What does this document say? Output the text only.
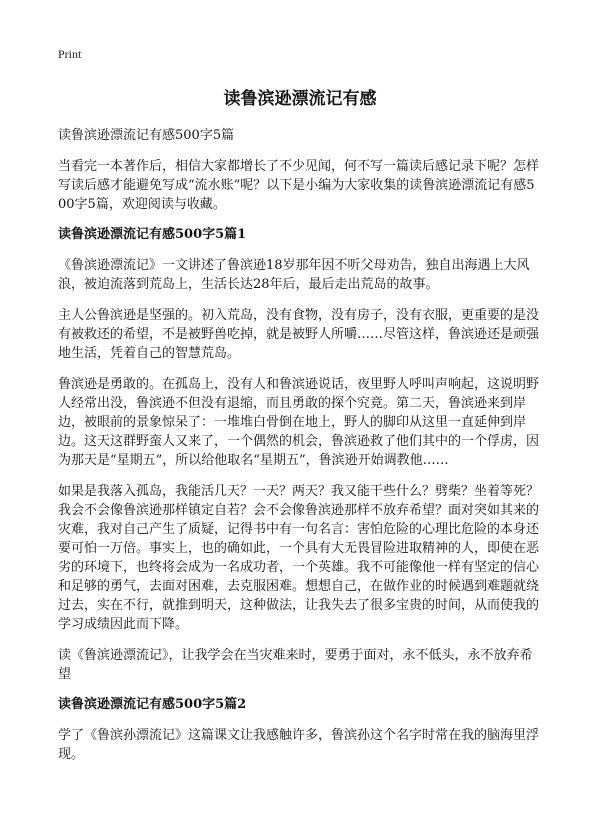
Print
读鲁滨逊漂流记有感
读鲁滨逊漂流记有感500字5篇

当看完一本著作后，相信大家都增长了不少见闻，何不写一篇读后感记录下呢？怎样写读后感才能避免写成“流水账”呢？以下是小编为大家收集的读鲁滨逊漂流记有感500字5篇，欢迎阅读与收藏。

读鲁滨逊漂流记有感500字5篇1

《鲁滨逊漂流记》一文讲述了鲁滨逊18岁那年因不听父母劝告，独自出海遇上大风浪，被迫流落到荒岛上，生活长达28年后，最后走出荒岛的故事。

主人公鲁滨逊是坚强的。初入荒岛，没有食物，没有房子，没有衣服，更重要的是没有被救还的希望，不是被野兽吃掉，就是被野人所嚼……尽管这样，鲁滨逊还是顽强地生活，凭着自己的智慧荒岛。

鲁滨逊是勇敢的。在孤岛上，没有人和鲁滨逊说话，夜里野人呼叫声响起，这说明野人经常出没，鲁滨逊不但没有退缩，而且勇敢的探个究竟。第二天，鲁滨逊来到岸边，被眼前的景象惊呆了：一堆堆白骨倒在地上，野人的脚印从这里一直延伸到岸边。这天这群野蛮人又来了，一个偶然的机会，鲁滨逊救了他们其中的一个俘虏，因为那天是“星期五”，所以给他取名“星期五”，鲁滨逊开始调教他……

如果是我落入孤岛，我能活几天？一天？两天？我又能干些什么？劈柴？坐着等死？我会不会像鲁滨逊那样镇定自若？会不会像鲁滨逊那样不放弃希望？面对突如其来的灾难，我对自己产生了质疑，记得书中有一句名言：害怕危险的心理比危险的本身还要可怕一万倍。事实上，也的确如此，一个具有大无畏冒险进取精神的人，即使在恶劣的环境下，也终将会成为一名成功者，一个英雄。我不可能像他一样有坚定的信心和足够的勇气，去面对困难，去克服困难。想想自己，在做作业的时候遇到难题就绕过去，实在不行，就推到明天，这种做法，让我失去了很多宝贵的时间，从而使我的学习成绩因此而下降。

读《鲁滨逊漂流记》，让我学会在当灾难来时，要勇于面对，永不低头，永不放弃希望

读鲁滨逊漂流记有感500字5篇2

学了《鲁滨孙漂流记》这篇课文让我感触许多，鲁滨孙这个名字时常在我的脑海里浮现。
